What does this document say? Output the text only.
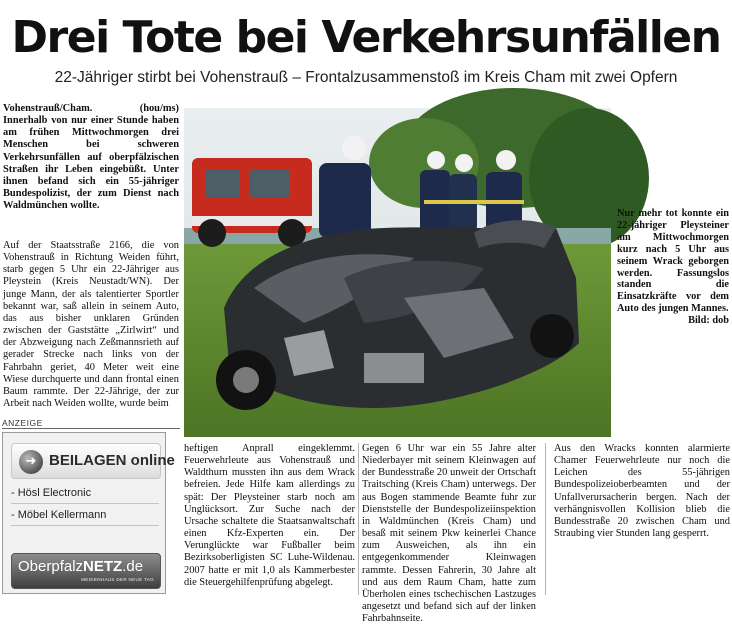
Drei Tote bei Verkehrsunfällen
22-Jähriger stirbt bei Vohenstrauß – Frontalzusammenstoß im Kreis Cham mit zwei Opfern

Vohenstrauß/Cham. (hou/ms) Innerhalb von nur einer Stunde haben am frühen Mittwochmorgen drei Menschen bei schweren Verkehrsunfällen auf oberpfälzischen Straßen ihr Leben eingebüßt. Unter ihnen befand sich ein 55-jähriger Bundespolizist, der zum Dienst nach Waldmünchen wollte.

Auf der Staatsstraße 2166, die von Vohenstrauß in Richtung Weiden führt, starb gegen 5 Uhr ein 22-Jähriger aus Pleystein (Kreis Neustadt/WN). Der junge Mann, der als talentierter Sportler bekannt war, saß allein in seinem Auto, das aus bisher unklaren Gründen zwischen der Gaststätte „Zirlwirt“ und der Abzweigung nach Zeßmannsrieth auf gerader Strecke nach links von der Fahrbahn geriet, 40 Meter weit eine Wiese durchquerte und dann frontal einen Baum rammte. Der 22-Jährige, der zur Arbeit nach Weiden wollte, wurde beim

Nur mehr tot konnte ein 22-jähriger Pleysteiner am Mittwochmorgen kurz nach 5 Uhr aus seinem Wrack geborgen werden. Fassungslos standen die Einsatzkräfte vor dem Auto des jungen Mannes.
Bild: dob
ANZEIGE
➜ BEILAGEN online
- Hösl Electronic
- Möbel Kellermann
OberpfalzNETZ.de
MEDIENHAUS DER NEUE TAG

heftigen Anprall eingeklemmt. Feuerwehrleute aus Vohenstrauß und Waldthurn mussten ihn aus dem Wrack befreien. Jede Hilfe kam allerdings zu spät: Der Pleysteiner starb noch am Unglücksort. Zur Suche nach der Ursache schaltete die Staatsanwaltschaft einen Kfz-Experten ein. Der Verunglückte war Fußballer beim Bezirksoberligisten SC Luhe-Wildenau. 2007 hatte er mit 1,0 als Kammerbester die Steuergehilfenprüfung abgelegt.

Gegen 6 Uhr war ein 55 Jahre alter Niederbayer mit seinem Kleinwagen auf der Bundesstraße 20 unweit der Ortschaft Traitsching (Kreis Cham) unterwegs. Der aus Bogen stammende Beamte fuhr zur Dienststelle der Bundespolizeiinspektion in Waldmünchen (Kreis Cham) und besaß mit seinem Pkw keinerlei Chance zum Ausweichen, als ihn ein entgegenkommender Kleinwagen rammte. Dessen Fahrerin, 30 Jahre alt und aus dem Raum Cham, hatte zum Überholen eines tschechischen Lastzuges angesetzt und befand sich auf der linken Fahrbahnseite.

Aus den Wracks konnten alarmierte Chamer Feuerwehrleute nur noch die Leichen des 55-jährigen Bundespolizeioberbeamten und der Unfallverursacherin bergen. Nach der verhängnisvollen Kollision blieb die Bundesstraße 20 zwischen Cham und Straubing vier Stunden lang gesperrt.
